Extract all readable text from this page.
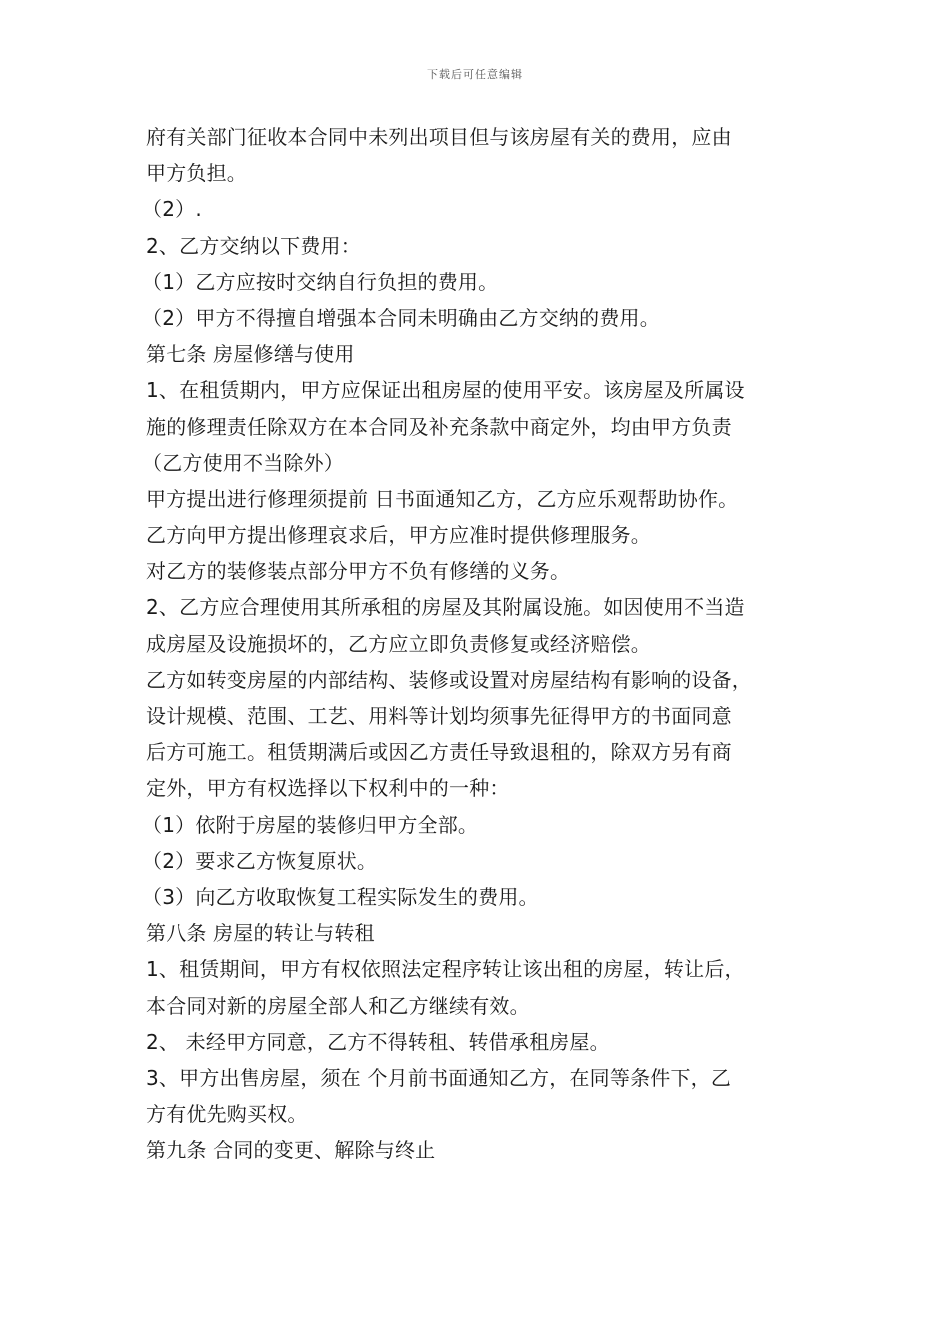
下载后可任意编辑
府有关部门征收本合同中未列出项目但与该房屋有关的费用，应由
甲方负担。
（2）.
2、乙方交纳以下费用：
（1）乙方应按时交纳自行负担的费用。
（2）甲方不得擅自增强本合同未明确由乙方交纳的费用。
第七条 房屋修缮与使用
1、在租赁期内，甲方应保证出租房屋的使用平安。该房屋及所属设
施的修理责任除双方在本合同及补充条款中商定外，均由甲方负责
（乙方使用不当除外）
甲方提出进行修理须提前 日书面通知乙方，乙方应乐观帮助协作。
乙方向甲方提出修理哀求后，甲方应准时提供修理服务。
对乙方的装修装点部分甲方不负有修缮的义务。
2、乙方应合理使用其所承租的房屋及其附属设施。如因使用不当造
成房屋及设施损坏的，乙方应立即负责修复或经济赔偿。
乙方如转变房屋的内部结构、装修或设置对房屋结构有影响的设备，
设计规模、范围、工艺、用料等计划均须事先征得甲方的书面同意
后方可施工。租赁期满后或因乙方责任导致退租的，除双方另有商
定外，甲方有权选择以下权利中的一种：
（1）依附于房屋的装修归甲方全部。
（2）要求乙方恢复原状。
（3）向乙方收取恢复工程实际发生的费用。
第八条 房屋的转让与转租
1、租赁期间，甲方有权依照法定程序转让该出租的房屋，转让后，
本合同对新的房屋全部人和乙方继续有效。
2、 未经甲方同意，乙方不得转租、转借承租房屋。
3、甲方出售房屋，须在 个月前书面通知乙方，在同等条件下，乙
方有优先购买权。
第九条 合同的变更、解除与终止
